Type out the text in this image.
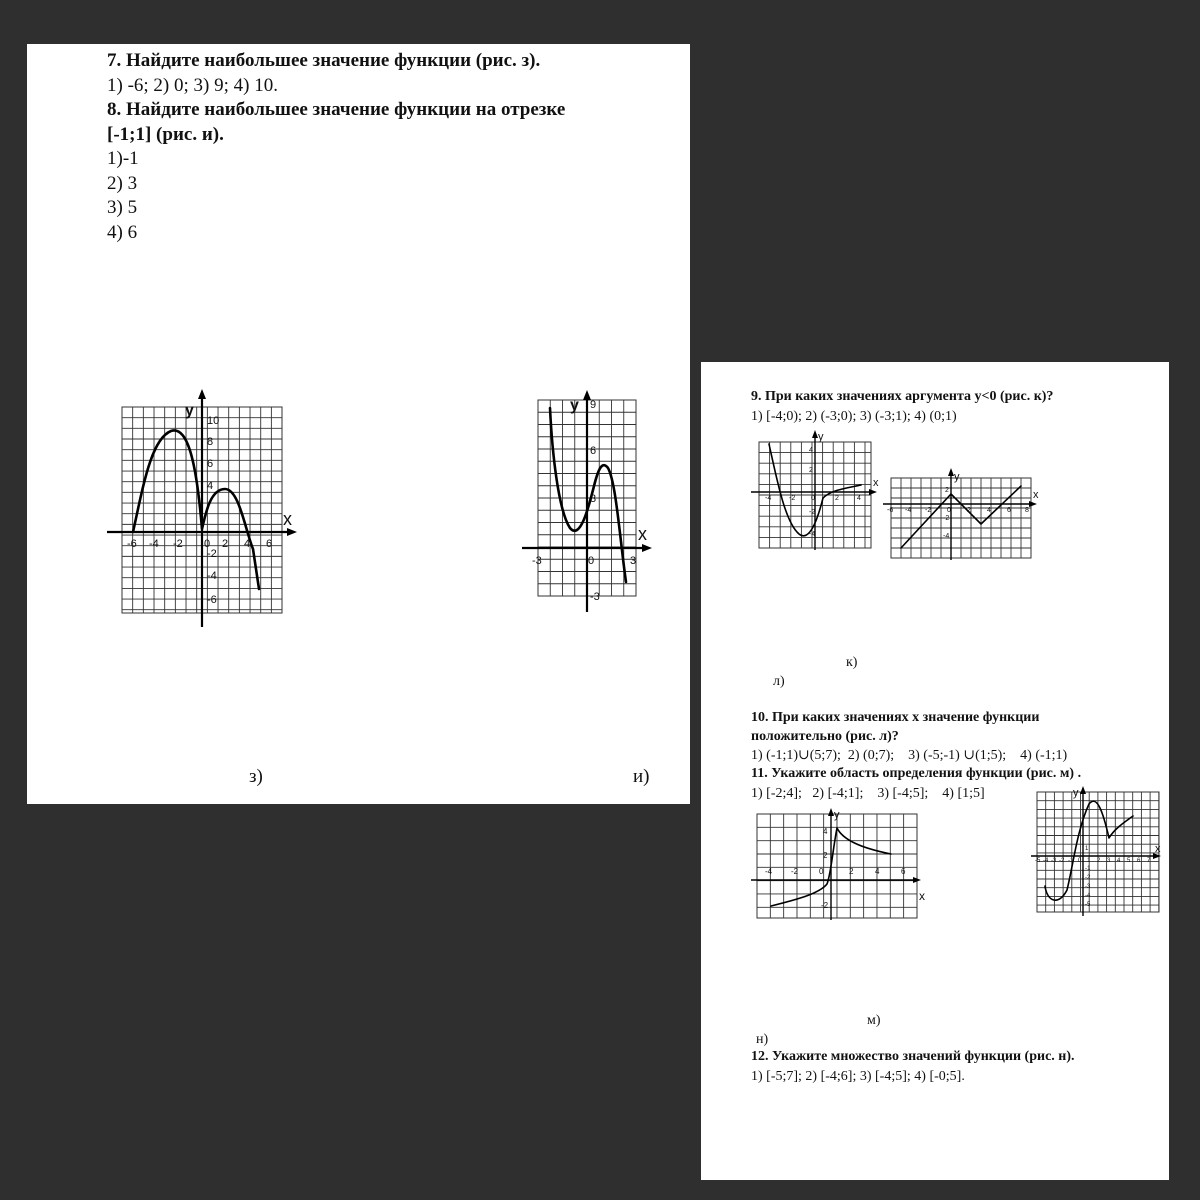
7. Найдите наибольшее значение функции (рис. з).
1) -6; 2) 0; 3) 9; 4) 10.
8. Найдите наибольшее значение функции на отрезке
[-1;1] (рис. и).
1)-1
2) 3
3) 5
4) 6
у
х
10
8
6
4
-2
-4
-6
-6 -4 -2 0 2 4 6
у
х
9
6
3
-3
-3	0	3
з)	и)
9. При каких значениях аргумента у<0 (рис. к)?
1) [-4;0); 2) (-3;0); 3) (-3;1); 4) (0;1)
у
х
4
2
-2
-4
-4	-2 0	2	4
у
х
2
-2
-4
-6 -4 -2 0 2 4 6 8
к)
л)
10. При каких значениях х значение функции
положительно (рис. л)?
1) (-1;1)∪(5;7);  2) (0;7);    3) (-5;-1) ∪(1;5);    4) (-1;1)
11. Укажите область определения функции (рис. м) .
1) [-2;4];   2) [-4;1];    3) [-4;5];    4) [1;5]
у
х
4
2
-2
-4 -2	0	2	4	6
у
х
1
-1
-2
-3
-4
-5
-5 -4 -3 -2 -1 0 1 2 3 4 5 6 7
м)
н)
12. Укажите множество значений функции (рис. н).
1) [-5;7]; 2) [-4;6]; 3) [-4;5]; 4) [-0;5].
